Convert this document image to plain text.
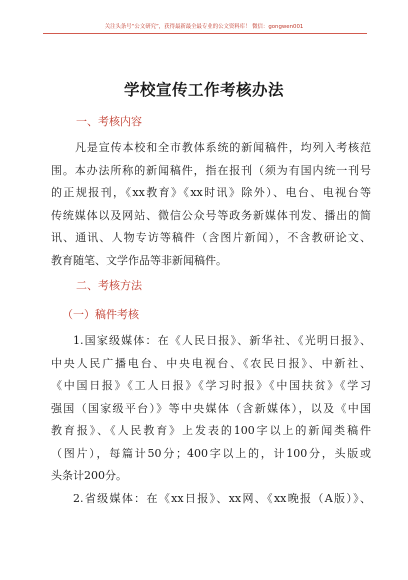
关注头条号“公文研究”，获得最新最全最专业的公文资料库！ 微信：gongwen001
学校宣传工作考核办法
一、考核内容
凡是宣传本校和全市教体系统的新闻稿件，均列入考核范
围。本办法所称的新闻稿件，指在报刊（须为有国内统一刊号
的正规报刊，《xx教育》《xx时讯》除外）、电台、电视台等
传统媒体以及网站、微信公众号等政务新媒体刊发、播出的简
讯、通讯、人物专访等稿件（含图片新闻），不含教研论文、
教育随笔、文学作品等非新闻稿件。
二、考核方法
（一）稿件考核
1.国家级媒体：在《人民日报》、新华社、《光明日报》、
中央人民广播电台、中央电视台、《农民日报》、中新社、
《中国日报》《工人日报》《学习时报》《中国扶贫》《学习
强国（国家级平台）》等中央媒体（含新媒体），以及《中国
教育报》、《人民教育》上发表的100字以上的新闻类稿件
（图片），每篇计50分；400字以上的，计100分，头版或
头条计200分。
2.省级媒体：在《xx日报》、xx网、《xx晚报（A版）》、
